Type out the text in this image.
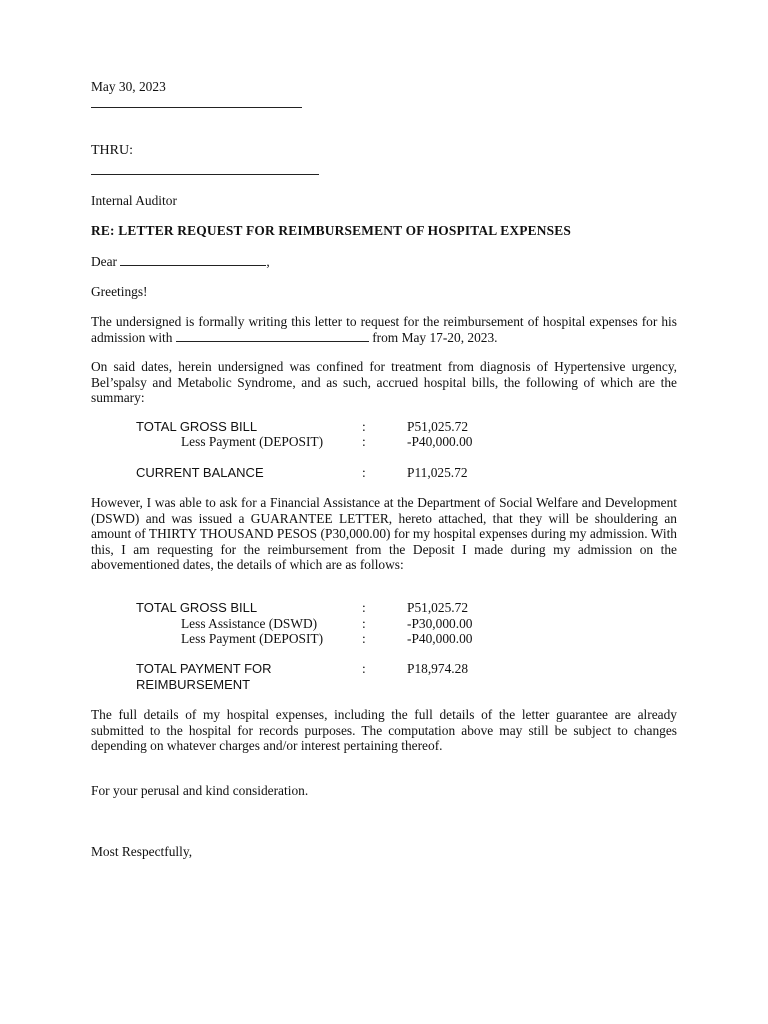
May 30, 2023
THRU:
Internal Auditor
RE: LETTER REQUEST FOR REIMBURSEMENT OF HOSPITAL EXPENSES
Dear	,
Greetings!
The undersigned is formally writing this letter to request for the reimbursement of hospital expenses for his admission with	from May 17-20, 2023.
On said dates, herein undersigned was confined for treatment from diagnosis of Hypertensive urgency, Bel’spalsy and Metabolic Syndrome, and as such, accrued hospital bills, the following of which are the summary:
TOTAL GROSS BILL	:	P51,025.72
Less Payment (DEPOSIT)	:	-P40,000.00
CURRENT BALANCE	:	P11,025.72
However, I was able to ask for a Financial Assistance at the Department of Social Welfare and Development (DSWD) and was issued a GUARANTEE LETTER, hereto attached, that they will be shouldering an amount of THIRTY THOUSAND PESOS (P30,000.00) for my hospital expenses during my admission. With this, I am requesting for the reimbursement from the Deposit I made during my admission on the abovementioned dates, the details of which are as follows:
TOTAL GROSS BILL	:	P51,025.72
Less Assistance (DSWD)	:	-P30,000.00
Less Payment (DEPOSIT)	:	-P40,000.00
TOTAL PAYMENT FOR	:	P18,974.28
REIMBURSEMENT
The full details of my hospital expenses, including the full details of the letter guarantee are already submitted to the hospital for records purposes. The computation above may still be subject to changes depending on whatever charges and/or interest pertaining thereof.
For your perusal and kind consideration.
Most Respectfully,
